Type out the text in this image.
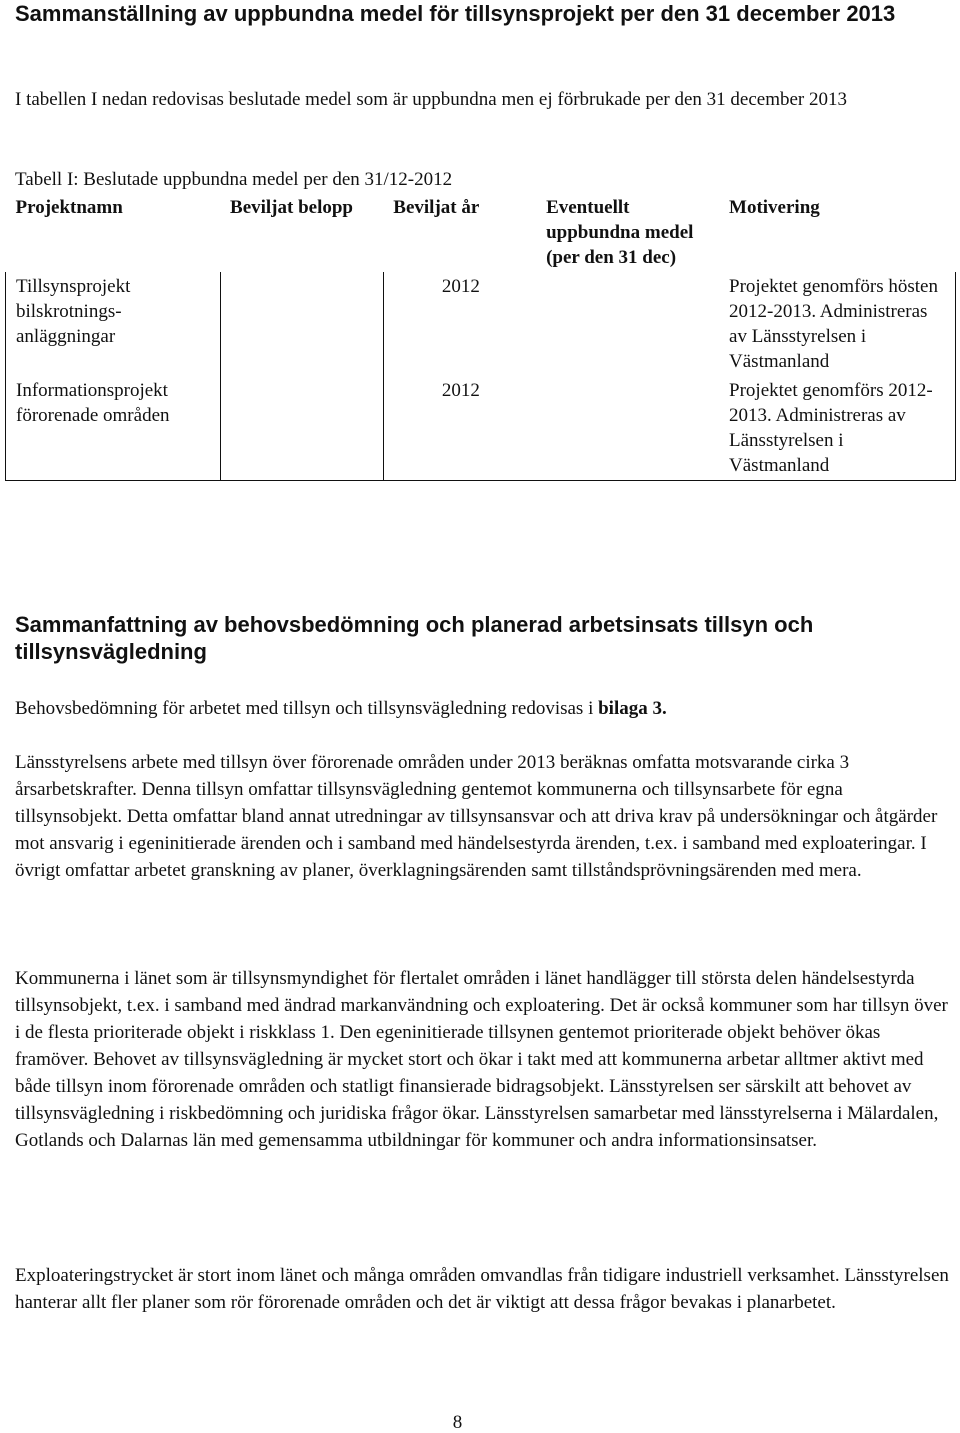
Sammanställning av uppbundna medel för tillsynsprojekt per den 31 december 2013

I tabellen I nedan redovisas beslutade medel som är uppbundna men ej förbrukade per den 31 december 2013

Tabell I: Beslutade uppbundna medel per den 31/12-2012

Projektnamn	Beviljat belopp	Beviljat år	Eventuellt uppbundna medel (per den 31 dec)	Motivering
Tillsynsprojekt bilskrotnings-anläggningar		2012		Projektet genomförs hösten 2012-2013. Administreras av Länsstyrelsen i Västmanland
Informationsprojekt förorenade områden		2012		Projektet genomförs 2012-2013. Administreras av Länsstyrelsen i Västmanland
Sammanfattning av behovsbedömning och planerad arbetsinsats tillsyn och tillsynsvägledning

Behovsbedömning för arbetet med tillsyn och tillsynsvägledning redovisas i bilaga 3.

Länsstyrelsens arbete med tillsyn över förorenade områden under 2013 beräknas omfatta motsvarande cirka 3 årsarbetskrafter. Denna tillsyn omfattar tillsynsvägledning gentemot kommunerna och tillsynsarbete för egna tillsynsobjekt. Detta omfattar bland annat utredningar av tillsynsansvar och att driva krav på undersökningar och åtgärder mot ansvarig i egeninitierade ärenden och i samband med händelsestyrda ärenden, t.ex. i samband med exploateringar. I övrigt omfattar arbetet granskning av planer, överklagningsärenden samt tillståndsprövningsärenden med mera.

Kommunerna i länet som är tillsynsmyndighet för flertalet områden i länet handlägger till största delen händelsestyrda tillsynsobjekt, t.ex. i samband med ändrad markanvändning och exploatering. Det är också kommuner som har tillsyn över i de flesta prioriterade objekt i riskklass 1. Den egeninitierade tillsynen gentemot prioriterade objekt behöver ökas framöver. Behovet av tillsynsvägledning är mycket stort och ökar i takt med att kommunerna arbetar alltmer aktivt med både tillsyn inom förorenade områden och statligt finansierade bidragsobjekt. Länsstyrelsen ser särskilt att behovet av tillsynsvägledning i riskbedömning och juridiska frågor ökar. Länsstyrelsen samarbetar med länsstyrelserna i Mälardalen, Gotlands och Dalarnas län med gemensamma utbildningar för kommuner och andra informationsinsatser.

Exploateringstrycket är stort inom länet och många områden omvandlas från tidigare industriell verksamhet. Länsstyrelsen hanterar allt fler planer som rör förorenade områden och det är viktigt att dessa frågor bevakas i planarbetet.

8
